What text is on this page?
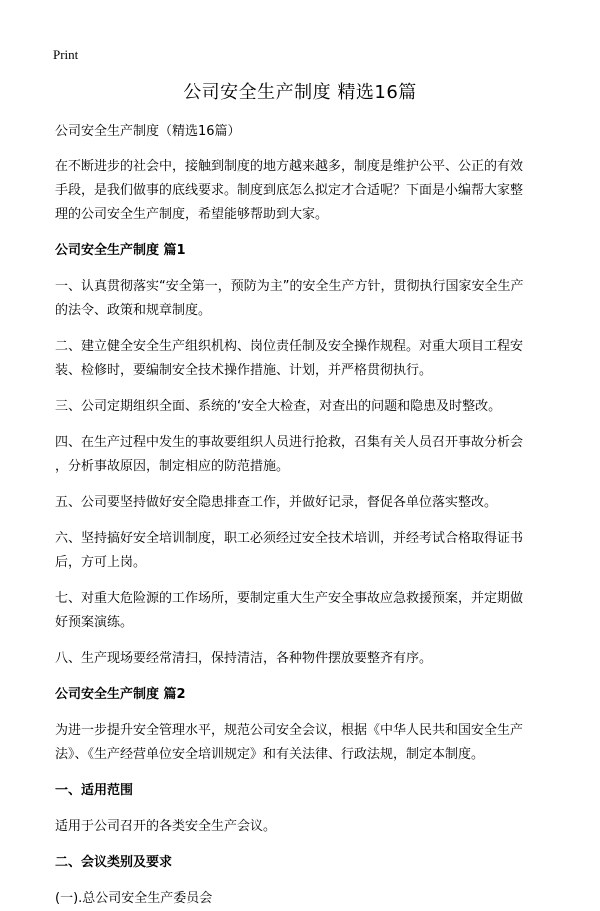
Print
公司安全生产制度 精选16篇

公司安全生产制度（精选16篇）

在不断进步的社会中，接触到制度的地方越来越多，制度是维护公平、公正的有效

手段，是我们做事的底线要求。制度到底怎么拟定才合适呢？下面是小编帮大家整

理的公司安全生产制度，希望能够帮助到大家。

公司安全生产制度 篇1

一、认真贯彻落实“安全第一，预防为主”的安全生产方针，贯彻执行国家安全生产

的法令、政策和规章制度。

二、建立健全安全生产组织机构、岗位责任制及安全操作规程。对重大项目工程安

装、检修时，要编制安全技术操作措施、计划，并严格贯彻执行。

三、公司定期组织全面、系统的‘安全大检查，对查出的问题和隐患及时整改。

四、在生产过程中发生的事故要组织人员进行抢救，召集有关人员召开事故分析会

，分析事故原因，制定相应的防范措施。

五、公司要坚持做好安全隐患排查工作，并做好记录，督促各单位落实整改。

六、坚持搞好安全培训制度，职工必须经过安全技术培训，并经考试合格取得证书

后，方可上岗。

七、对重大危险源的工作场所，要制定重大生产安全事故应急救援预案，并定期做

好预案演练。

八、生产现场要经常清扫，保持清洁，各种物件摆放要整齐有序。

公司安全生产制度 篇2

为进一步提升安全管理水平，规范公司安全会议，根据《中华人民共和国安全生产

法》、《生产经营单位安全培训规定》和有关法律、行政法规，制定本制度。

一、适用范围

适用于公司召开的各类安全生产会议。

二、会议类别及要求

(一).总公司安全生产委员会
